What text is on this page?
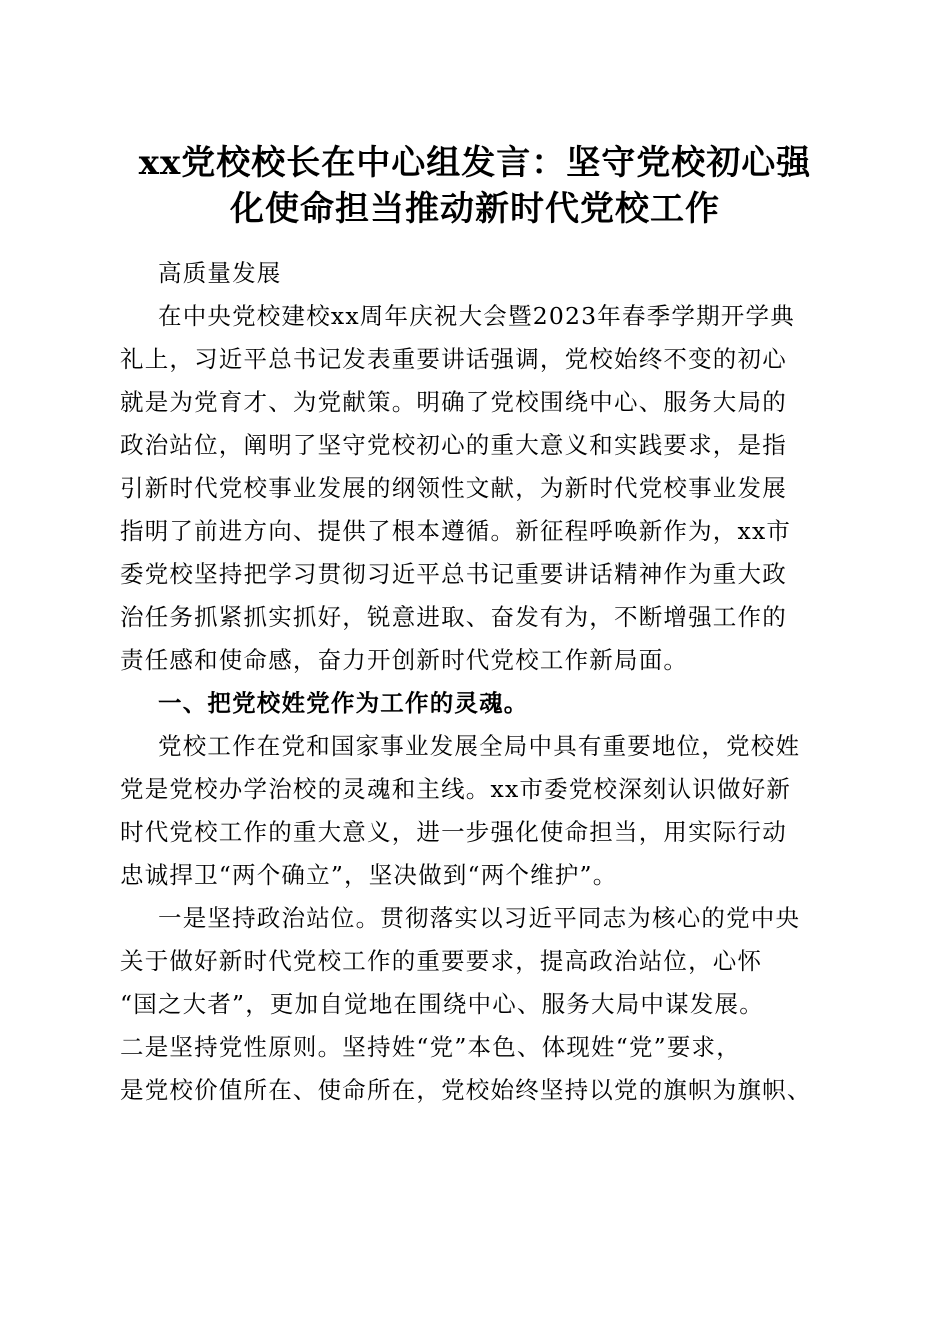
xx党校校长在中心组发言：坚守党校初心强
化使命担当推动新时代党校工作
高质量发展
在中央党校建校xx周年庆祝大会暨2023年春季学期开学典
礼上，习近平总书记发表重要讲话强调，党校始终不变的初心
就是为党育才、为党献策。明确了党校围绕中心、服务大局的
政治站位，阐明了坚守党校初心的重大意义和实践要求，是指
引新时代党校事业发展的纲领性文献，为新时代党校事业发展
指明了前进方向、提供了根本遵循。新征程呼唤新作为，xx市
委党校坚持把学习贯彻习近平总书记重要讲话精神作为重大政
治任务抓紧抓实抓好，锐意进取、奋发有为，不断增强工作的
责任感和使命感，奋力开创新时代党校工作新局面。
一、把党校姓党作为工作的灵魂。
党校工作在党和国家事业发展全局中具有重要地位，党校姓
党是党校办学治校的灵魂和主线。xx市委党校深刻认识做好新
时代党校工作的重大意义，进一步强化使命担当，用实际行动
忠诚捍卫“两个确立”，坚决做到“两个维护”。
一是坚持政治站位。贯彻落实以习近平同志为核心的党中央
关于做好新时代党校工作的重要要求，提高政治站位，心怀
“国之大者”，更加自觉地在围绕中心、服务大局中谋发展。
二是坚持党性原则。坚持姓“党”本色、体现姓“党”要求，
是党校价值所在、使命所在，党校始终坚持以党的旗帜为旗帜、
